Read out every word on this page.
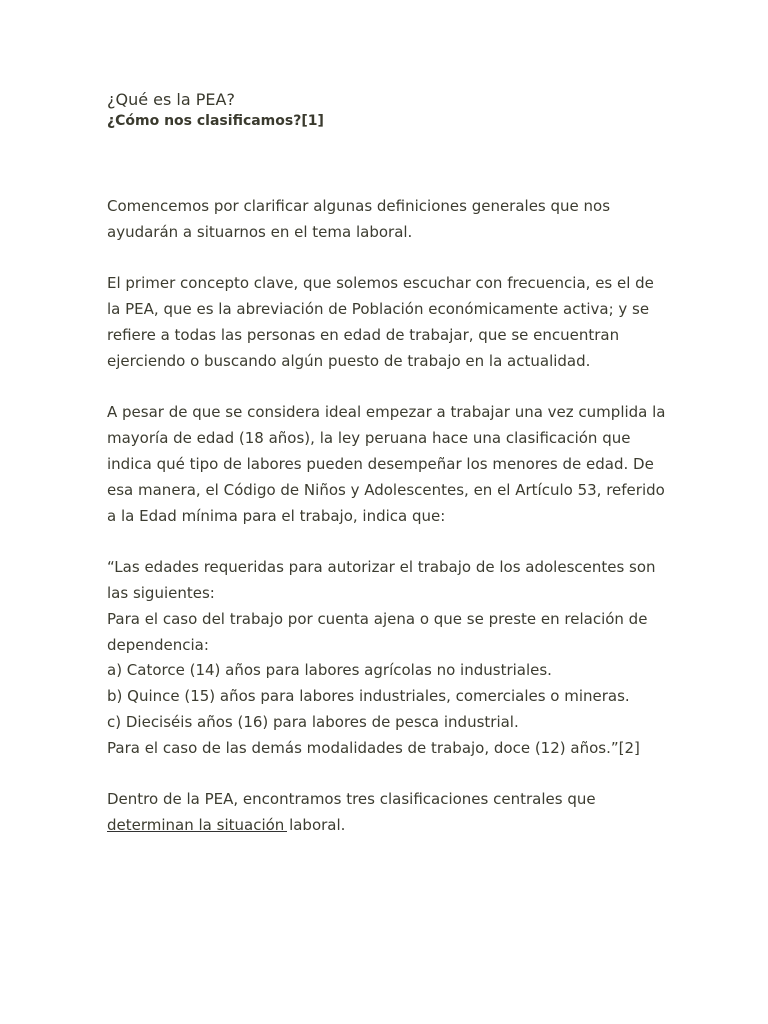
¿Qué es la PEA?
¿Cómo nos clasificamos?[1]

Comencemos por clarificar algunas definiciones generales que nos ayudarán a situarnos en el tema laboral.

El primer concepto clave, que solemos escuchar con frecuencia, es el de la PEA, que es la abreviación de Población económicamente activa; y se refiere a todas las personas en edad de trabajar, que se encuentran ejerciendo o buscando algún puesto de trabajo en la actualidad.

A pesar de que se considera ideal empezar a trabajar una vez cumplida la mayoría de edad (18 años), la ley peruana hace una clasificación que indica qué tipo de labores pueden desempeñar los menores de edad. De esa manera, el Código de Niños y Adolescentes, en el Artículo 53, referido a la Edad mínima para el trabajo, indica que:

“Las edades requeridas para autorizar el trabajo de los adolescentes son las siguientes:

Para el caso del trabajo por cuenta ajena o que se preste en relación de dependencia:

a) Catorce (14) años para labores agrícolas no industriales.

b) Quince (15) años para labores industriales, comerciales o mineras.

c) Dieciséis años (16) para labores de pesca industrial.

Para el caso de las demás modalidades de trabajo, doce (12) años.”[2]

Dentro de la PEA, encontramos tres clasificaciones centrales que determinan la situación laboral.
